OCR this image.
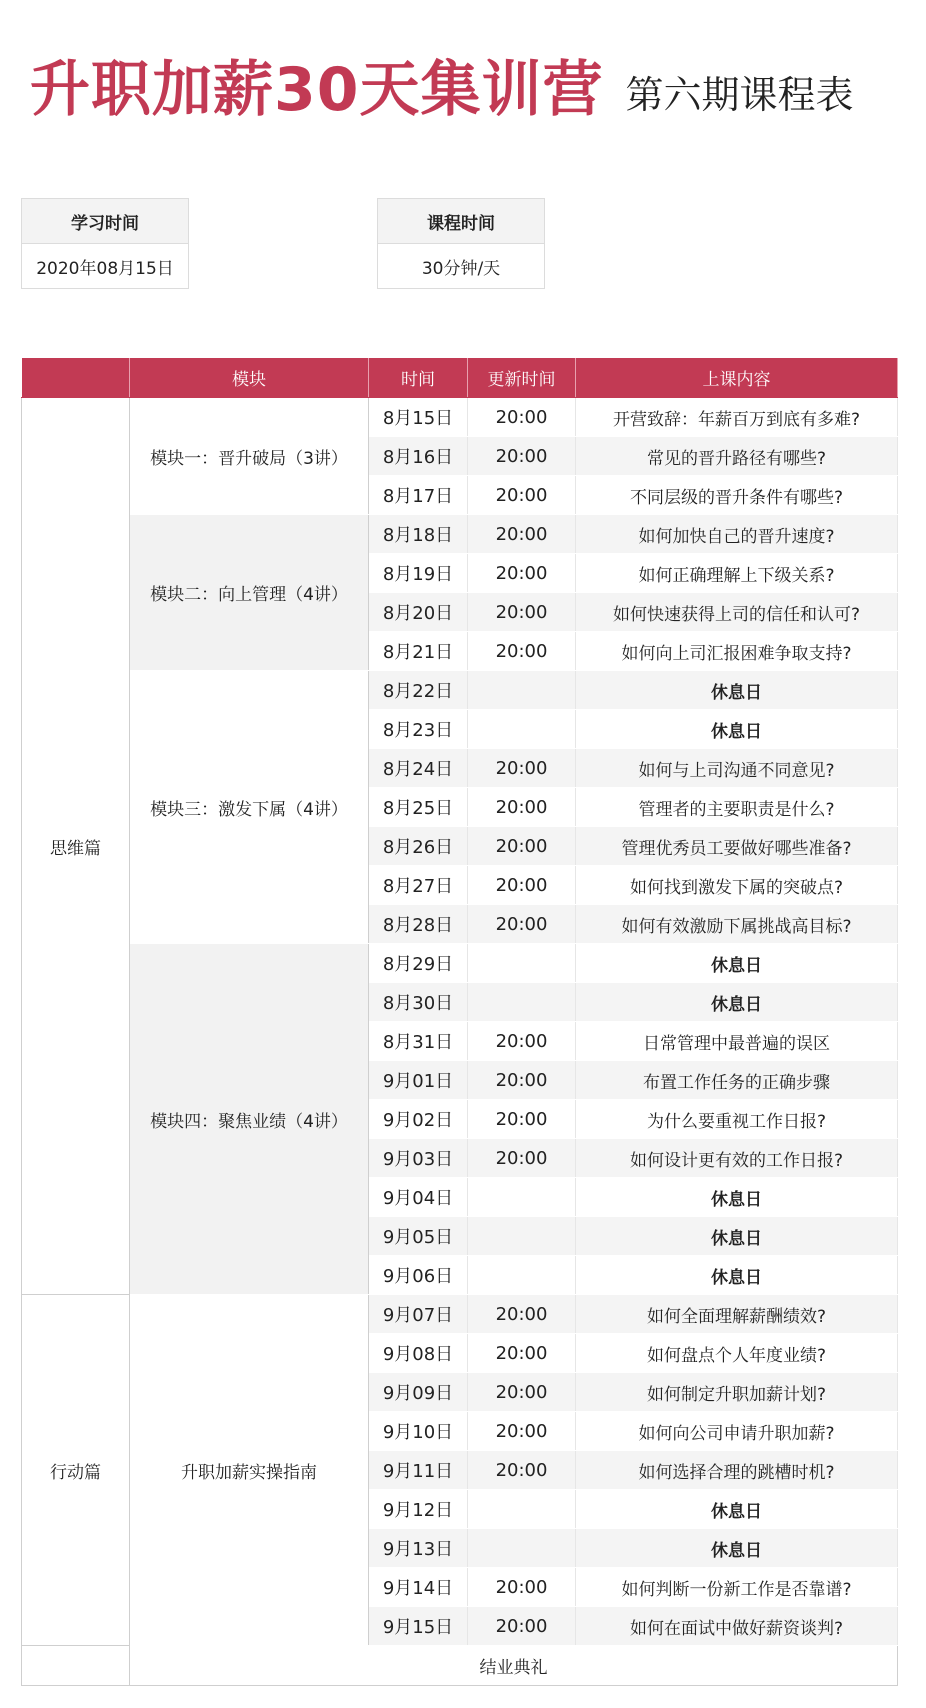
升职加薪30天集训营 第六期课程表
学习时间
2020年08月15日
课程时间
30分钟/天
	模块	时间	更新时间	上课内容
思维篇	模块一：晋升破局（3讲）	8月15日	20:00	开营致辞：年薪百万到底有多难?
		8月16日	20:00	常见的晋升路径有哪些?
		8月17日	20:00	不同层级的晋升条件有哪些?
	模块二：向上管理（4讲）	8月18日	20:00	如何加快自己的晋升速度?
		8月19日	20:00	如何正确理解上下级关系?
		8月20日	20:00	如何快速获得上司的信任和认可?
		8月21日	20:00	如何向上司汇报困难争取支持?
	模块三：激发下属（4讲）	8月22日		休息日
		8月23日		休息日
		8月24日	20:00	如何与上司沟通不同意见?
		8月25日	20:00	管理者的主要职责是什么?
		8月26日	20:00	管理优秀员工要做好哪些准备?
		8月27日	20:00	如何找到激发下属的突破点?
		8月28日	20:00	如何有效激励下属挑战高目标?
	模块四：聚焦业绩（4讲）	8月29日		休息日
		8月30日		休息日
		8月31日	20:00	日常管理中最普遍的误区
		9月01日	20:00	布置工作任务的正确步骤
		9月02日	20:00	为什么要重视工作日报?
		9月03日	20:00	如何设计更有效的工作日报?
		9月04日		休息日
		9月05日		休息日
		9月06日		休息日
行动篇	升职加薪实操指南	9月07日	20:00	如何全面理解薪酬绩效?
		9月08日	20:00	如何盘点个人年度业绩?
		9月09日	20:00	如何制定升职加薪计划?
		9月10日	20:00	如何向公司申请升职加薪?
		9月11日	20:00	如何选择合理的跳槽时机?
		9月12日		休息日
		9月13日		休息日
		9月14日	20:00	如何判断一份新工作是否靠谱?
		9月15日	20:00	如何在面试中做好薪资谈判?
	结业典礼			
